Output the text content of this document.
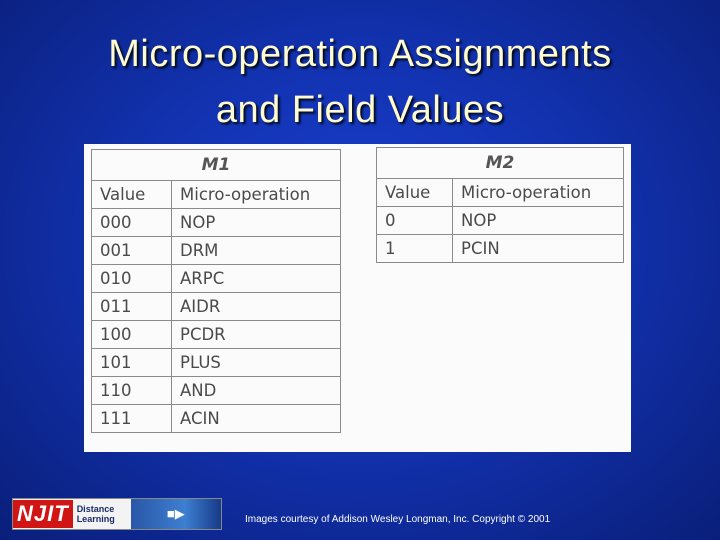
Micro-operation Assignments
and Field Values
M1	
Value	Micro-operation
000	NOP
001	DRM
010	ARPC
011	AIDR
100	PCDR
101	PLUS
110	AND
111	ACIN
M2	
Value	Micro-operation
0	NOP
1	PCIN
NJIT Distance
Learning	■▶	Images courtesy of Addison Wesley Longman, Inc. Copyright © 2001
